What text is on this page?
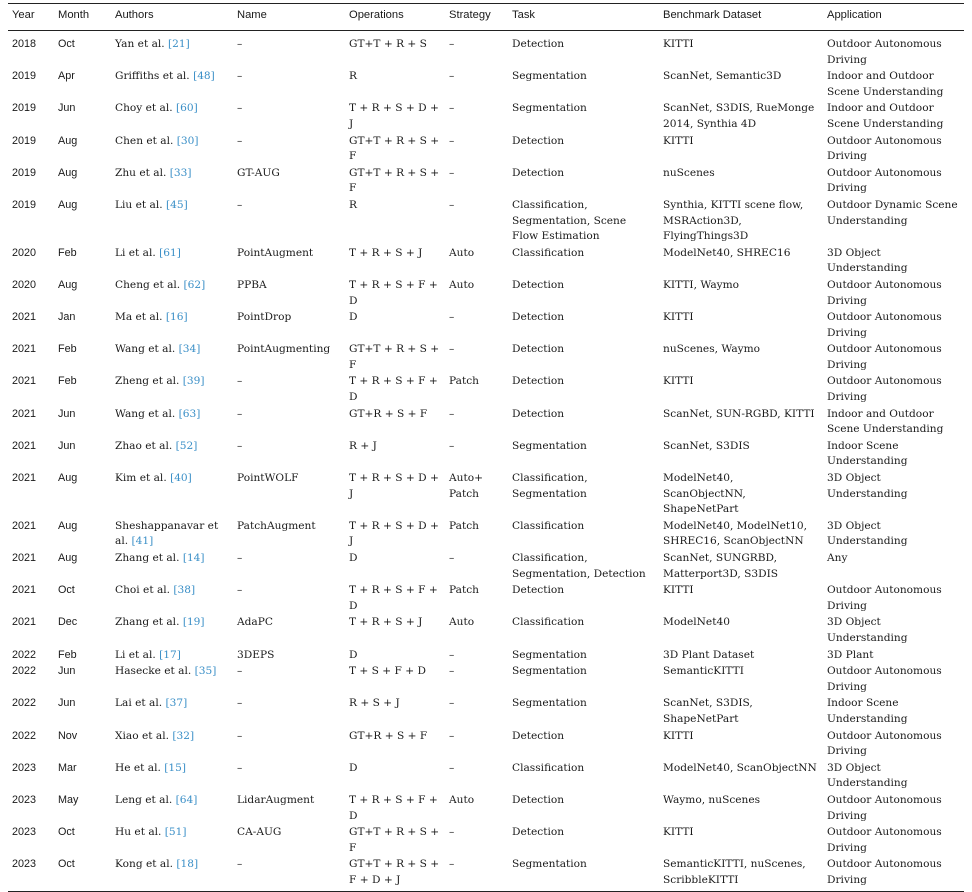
Year	Month	Authors	Name	Operations	Strategy	Task	Benchmark Dataset	Application
2018	Oct	Yan et al. [21]	–	GT+T + R + S	–	Detection	KITTI	Outdoor Autonomous Driving
2019	Apr	Griffiths et al. [48]	–	R	–	Segmentation	ScanNet, Semantic3D	Indoor and Outdoor Scene Understanding
2019	Jun	Choy et al. [60]	–	T + R + S + D + J	–	Segmentation	ScanNet, S3DIS, RueMonge 2014, Synthia 4D	Indoor and Outdoor Scene Understanding
2019	Aug	Chen et al. [30]	–	GT+T + R + S + F	–	Detection	KITTI	Outdoor Autonomous Driving
2019	Aug	Zhu et al. [33]	GT-AUG	GT+T + R + S + F	–	Detection	nuScenes	Outdoor Autonomous Driving
2019	Aug	Liu et al. [45]	–	R	–	Classification, Segmentation, Scene Flow Estimation	Synthia, KITTI scene flow, MSRAction3D, FlyingThings3D	Outdoor Dynamic Scene Understanding
2020	Feb	Li et al. [61]	PointAugment	T + R + S + J	Auto	Classification	ModelNet40, SHREC16	3D Object Understanding
2020	Aug	Cheng et al. [62]	PPBA	T + R + S + F + D	Auto	Detection	KITTI, Waymo	Outdoor Autonomous Driving
2021	Jan	Ma et al. [16]	PointDrop	D	–	Detection	KITTI	Outdoor Autonomous Driving
2021	Feb	Wang et al. [34]	PointAugmenting	GT+T + R + S + F	–	Detection	nuScenes, Waymo	Outdoor Autonomous Driving
2021	Feb	Zheng et al. [39]	–	T + R + S + F + D	Patch	Detection	KITTI	Outdoor Autonomous Driving
2021	Jun	Wang et al. [63]	–	GT+R + S + F	–	Detection	ScanNet, SUN-RGBD, KITTI	Indoor and Outdoor Scene Understanding
2021	Jun	Zhao et al. [52]	–	R + J	–	Segmentation	ScanNet, S3DIS	Indoor Scene Understanding
2021	Aug	Kim et al. [40]	PointWOLF	T + R + S + D + J	Auto+ Patch	Classification, Segmentation	ModelNet40, ScanObjectNN, ShapeNetPart	3D Object Understanding
2021	Aug	Sheshappanavar et al. [41]	PatchAugment	T + R + S + D + J	Patch	Classification	ModelNet40, ModelNet10, SHREC16, ScanObjectNN	3D Object Understanding
2021	Aug	Zhang et al. [14]	–	D	–	Classification, Segmentation, Detection	ScanNet, SUNGRBD, Matterport3D, S3DIS	Any
2021	Oct	Choi et al. [38]	–	T + R + S + F + D	Patch	Detection	KITTI	Outdoor Autonomous Driving
2021	Dec	Zhang et al. [19]	AdaPC	T + R + S + J	Auto	Classification	ModelNet40	3D Object Understanding
2022	Feb	Li et al. [17]	3DEPS	D	–	Segmentation	3D Plant Dataset	3D Plant
2022	Jun	Hasecke et al. [35]	–	T + S + F + D	–	Segmentation	SemanticKITTI	Outdoor Autonomous Driving
2022	Jun	Lai et al. [37]	–	R + S + J	–	Segmentation	ScanNet, S3DIS, ShapeNetPart	Indoor Scene Understanding
2022	Nov	Xiao et al. [32]	–	GT+R + S + F	–	Detection	KITTI	Outdoor Autonomous Driving
2023	Mar	He et al. [15]	–	D	–	Classification	ModelNet40, ScanObjectNN	3D Object Understanding
2023	May	Leng et al. [64]	LidarAugment	T + R + S + F + D	Auto	Detection	Waymo, nuScenes	Outdoor Autonomous Driving
2023	Oct	Hu et al. [51]	CA-AUG	GT+T + R + S + F	–	Detection	KITTI	Outdoor Autonomous Driving
2023	Oct	Kong et al. [18]	–	GT+T + R + S + F + D + J	–	Segmentation	SemanticKITTI, nuScenes, ScribbleKITTI	Outdoor Autonomous Driving
